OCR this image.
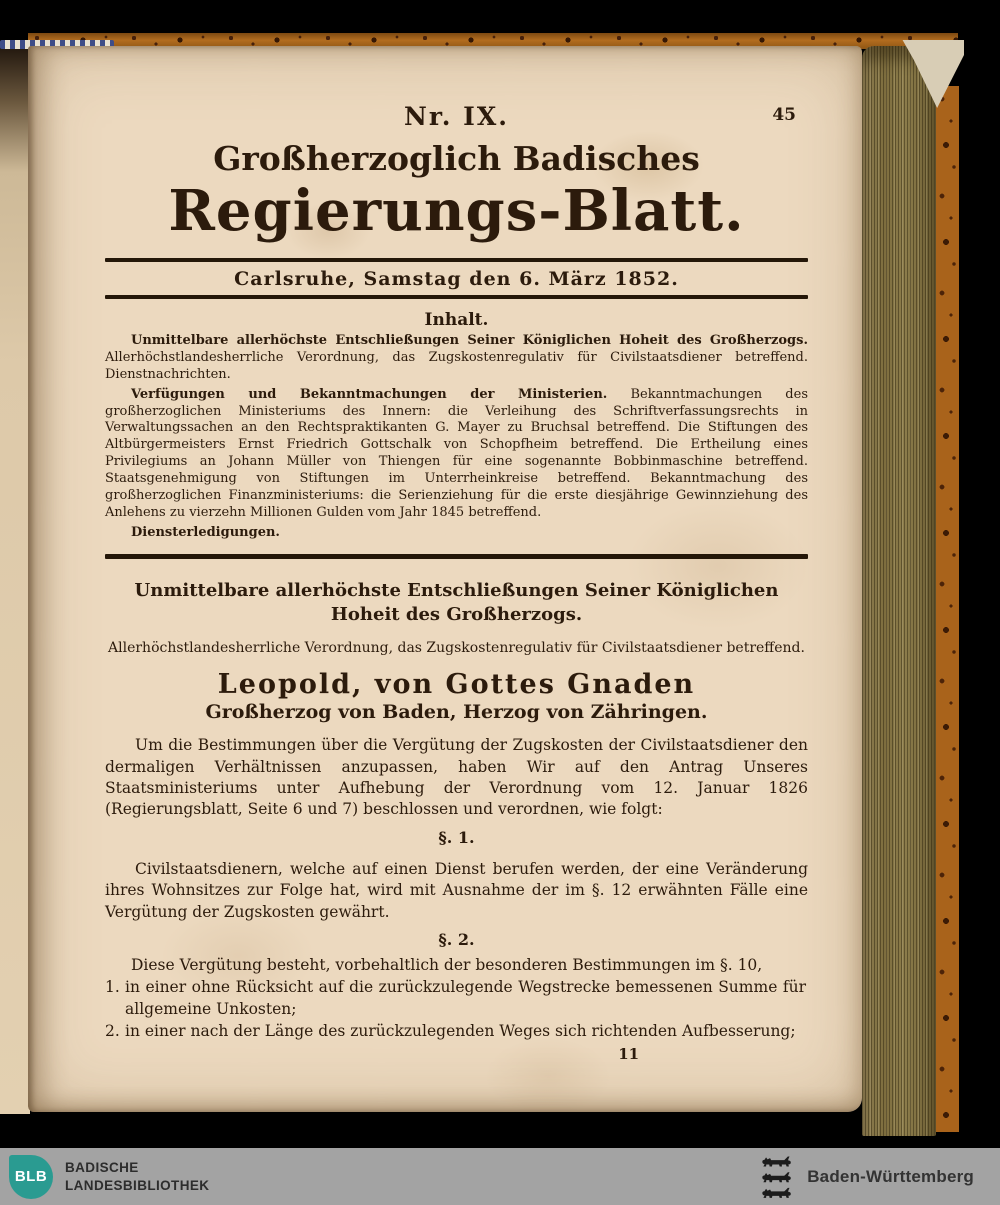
Nr. IX.	45
Großherzoglich Badisches
Regierungs-Blatt.
Carlsruhe, Samstag den 6. März 1852.
Inhalt.

Unmittelbare allerhöchste Entschließungen Seiner Königlichen Hoheit des Großherzogs. Allerhöchstlandesherrliche Verordnung, das Zugskostenregulativ für Civilstaatsdiener betreffend. Dienstnachrichten.

Verfügungen und Bekanntmachungen der Ministerien. Bekanntmachungen des großherzoglichen Ministeriums des Innern: die Verleihung des Schriftverfassungsrechts in Verwaltungssachen an den Rechtspraktikanten G. Mayer zu Bruchsal betreffend. Die Stiftungen des Altbürgermeisters Ernst Friedrich Gottschalk von Schopfheim betreffend. Die Ertheilung eines Privilegiums an Johann Müller von Thiengen für eine sogenannte Bobbinmaschine betreffend. Staatsgenehmigung von Stiftungen im Unterrheinkreise betreffend. Bekanntmachung des großherzoglichen Finanzministeriums: die Serienziehung für die erste diesjährige Gewinnziehung des Anlehens zu vierzehn Millionen Gulden vom Jahr 1845 betreffend.

Diensterledigungen.

Unmittelbare allerhöchste Entschließungen Seiner Königlichen Hoheit des Großherzogs.
Allerhöchstlandesherrliche Verordnung, das Zugskostenregulativ für Civilstaatsdiener betreffend.
Leopold, von Gottes Gnaden
Großherzog von Baden, Herzog von Zähringen.

Um die Bestimmungen über die Vergütung der Zugskosten der Civilstaatsdiener den dermaligen Verhältnissen anzupassen, haben Wir auf den Antrag Unseres Staatsministeriums unter Aufhebung der Verordnung vom 12. Januar 1826 (Regierungsblatt, Seite 6 und 7) beschlossen und verordnen, wie folgt:

§. 1.

Civilstaatsdienern, welche auf einen Dienst berufen werden, der eine Veränderung ihres Wohnsitzes zur Folge hat, wird mit Ausnahme der im §. 12 erwähnten Fälle eine Vergütung der Zugskosten gewährt.

§. 2.

Diese Vergütung besteht, vorbehaltlich der besonderen Bestimmungen im §. 10,

1. in einer ohne Rücksicht auf die zurückzulegende Wegstrecke bemessenen Summe für allgemeine Unkosten;
2. in einer nach der Länge des zurückzulegenden Weges sich richtenden Aufbesserung;
11
BLB
BADISCHE
LANDESBIBLIOTHEK	Baden-Württemberg
